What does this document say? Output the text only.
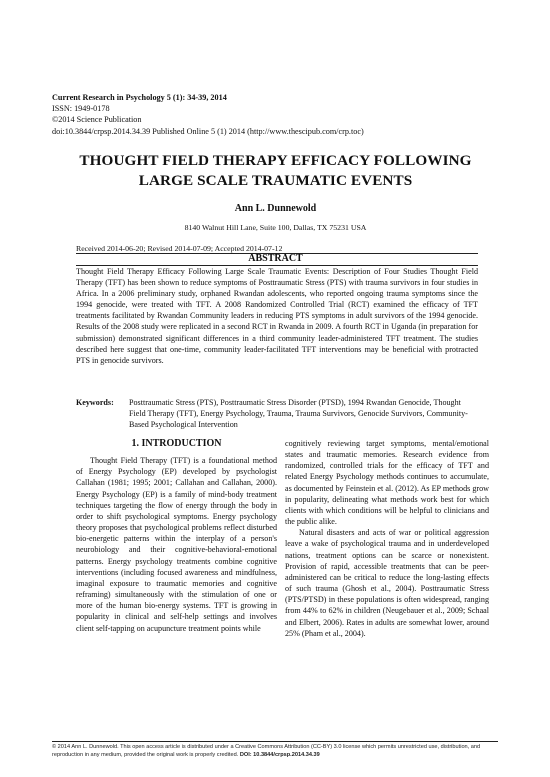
Current Research in Psychology 5 (1): 34-39, 2014
ISSN: 1949-0178
©2014 Science Publication
doi:10.3844/crpsp.2014.34.39 Published Online 5 (1) 2014 (http://www.thescipub.com/crp.toc)
THOUGHT FIELD THERAPY EFFICACY FOLLOWING
LARGE SCALE TRAUMATIC EVENTS
Ann L. Dunnewold
8140 Walnut Hill Lane, Suite 100, Dallas, TX 75231 USA
Received 2014-06-20; Revised 2014-07-09; Accepted 2014-07-12
ABSTRACT
Thought Field Therapy Efficacy Following Large Scale Traumatic Events: Description of Four Studies Thought Field Therapy (TFT) has been shown to reduce symptoms of Posttraumatic Stress (PTS) with trauma survivors in four studies in Africa. In a 2006 preliminary study, orphaned Rwandan adolescents, who reported ongoing trauma symptoms since the 1994 genocide, were treated with TFT. A 2008 Randomized Controlled Trial (RCT) examined the efficacy of TFT treatments facilitated by Rwandan Community leaders in reducing PTS symptoms in adult survivors of the 1994 genocide. Results of the 2008 study were replicated in a second RCT in Rwanda in 2009. A fourth RCT in Uganda (in preparation for submission) demonstrated significant differences in a third community leader-administered TFT treatment. The studies described here suggest that one-time, community leader-facilitated TFT interventions may be beneficial with protracted PTS in genocide survivors.
Keywords:	Posttraumatic Stress (PTS), Posttraumatic Stress Disorder (PTSD), 1994 Rwandan Genocide, Thought Field Therapy (TFT), Energy Psychology, Trauma, Trauma Survivors, Genocide Survivors, Community-Based Psychological Intervention
1. INTRODUCTION

Thought Field Therapy (TFT) is a foundational method of Energy Psychology (EP) developed by psychologist Callahan (1981; 1995; 2001; Callahan and Callahan, 2000). Energy Psychology (EP) is a family of mind-body treatment techniques targeting the flow of energy through the body in order to shift psychological symptoms. Energy psychology theory proposes that psychological problems reflect disturbed bio-energetic patterns within the interplay of a person's neurobiology and their cognitive-behavioral-emotional patterns. Energy psychology treatments combine cognitive interventions (including focused awareness and mindfulness, imaginal exposure to traumatic memories and cognitive reframing) simultaneously with the stimulation of one or more of the human bio-energy systems. TFT is growing in popularity in clinical and self-help settings and involves client self-tapping on acupuncture treatment points while

cognitively reviewing target symptoms, mental/emotional states and traumatic memories. Research evidence from randomized, controlled trials for the efficacy of TFT and related Energy Psychology methods continues to accumulate, as documented by Feinstein et al. (2012). As EP methods grow in popularity, delineating what methods work best for which clients with which conditions will be helpful to clinicians and the public alike.

Natural disasters and acts of war or political aggression leave a wake of psychological trauma and in underdeveloped nations, treatment options can be scarce or nonexistent. Provision of rapid, accessible treatments that can be peer-administered can be critical to reduce the long-lasting effects of such trauma (Ghosh et al., 2004). Posttraumatic Stress (PTS/PTSD) in these populations is often widespread, ranging from 44% to 62% in children (Neugebauer et al., 2009; Schaal and Elbert, 2006). Rates in adults are somewhat lower, around 25% (Pham et al., 2004).

© 2014 Ann L. Dunnewold. This open access article is distributed under a Creative Commons Attribution (CC-BY) 3.0 license which permits unrestricted use, distribution, and reproduction in any medium, provided the original work is properly credited. DOI: 10.3844/crpsp.2014.34.39
